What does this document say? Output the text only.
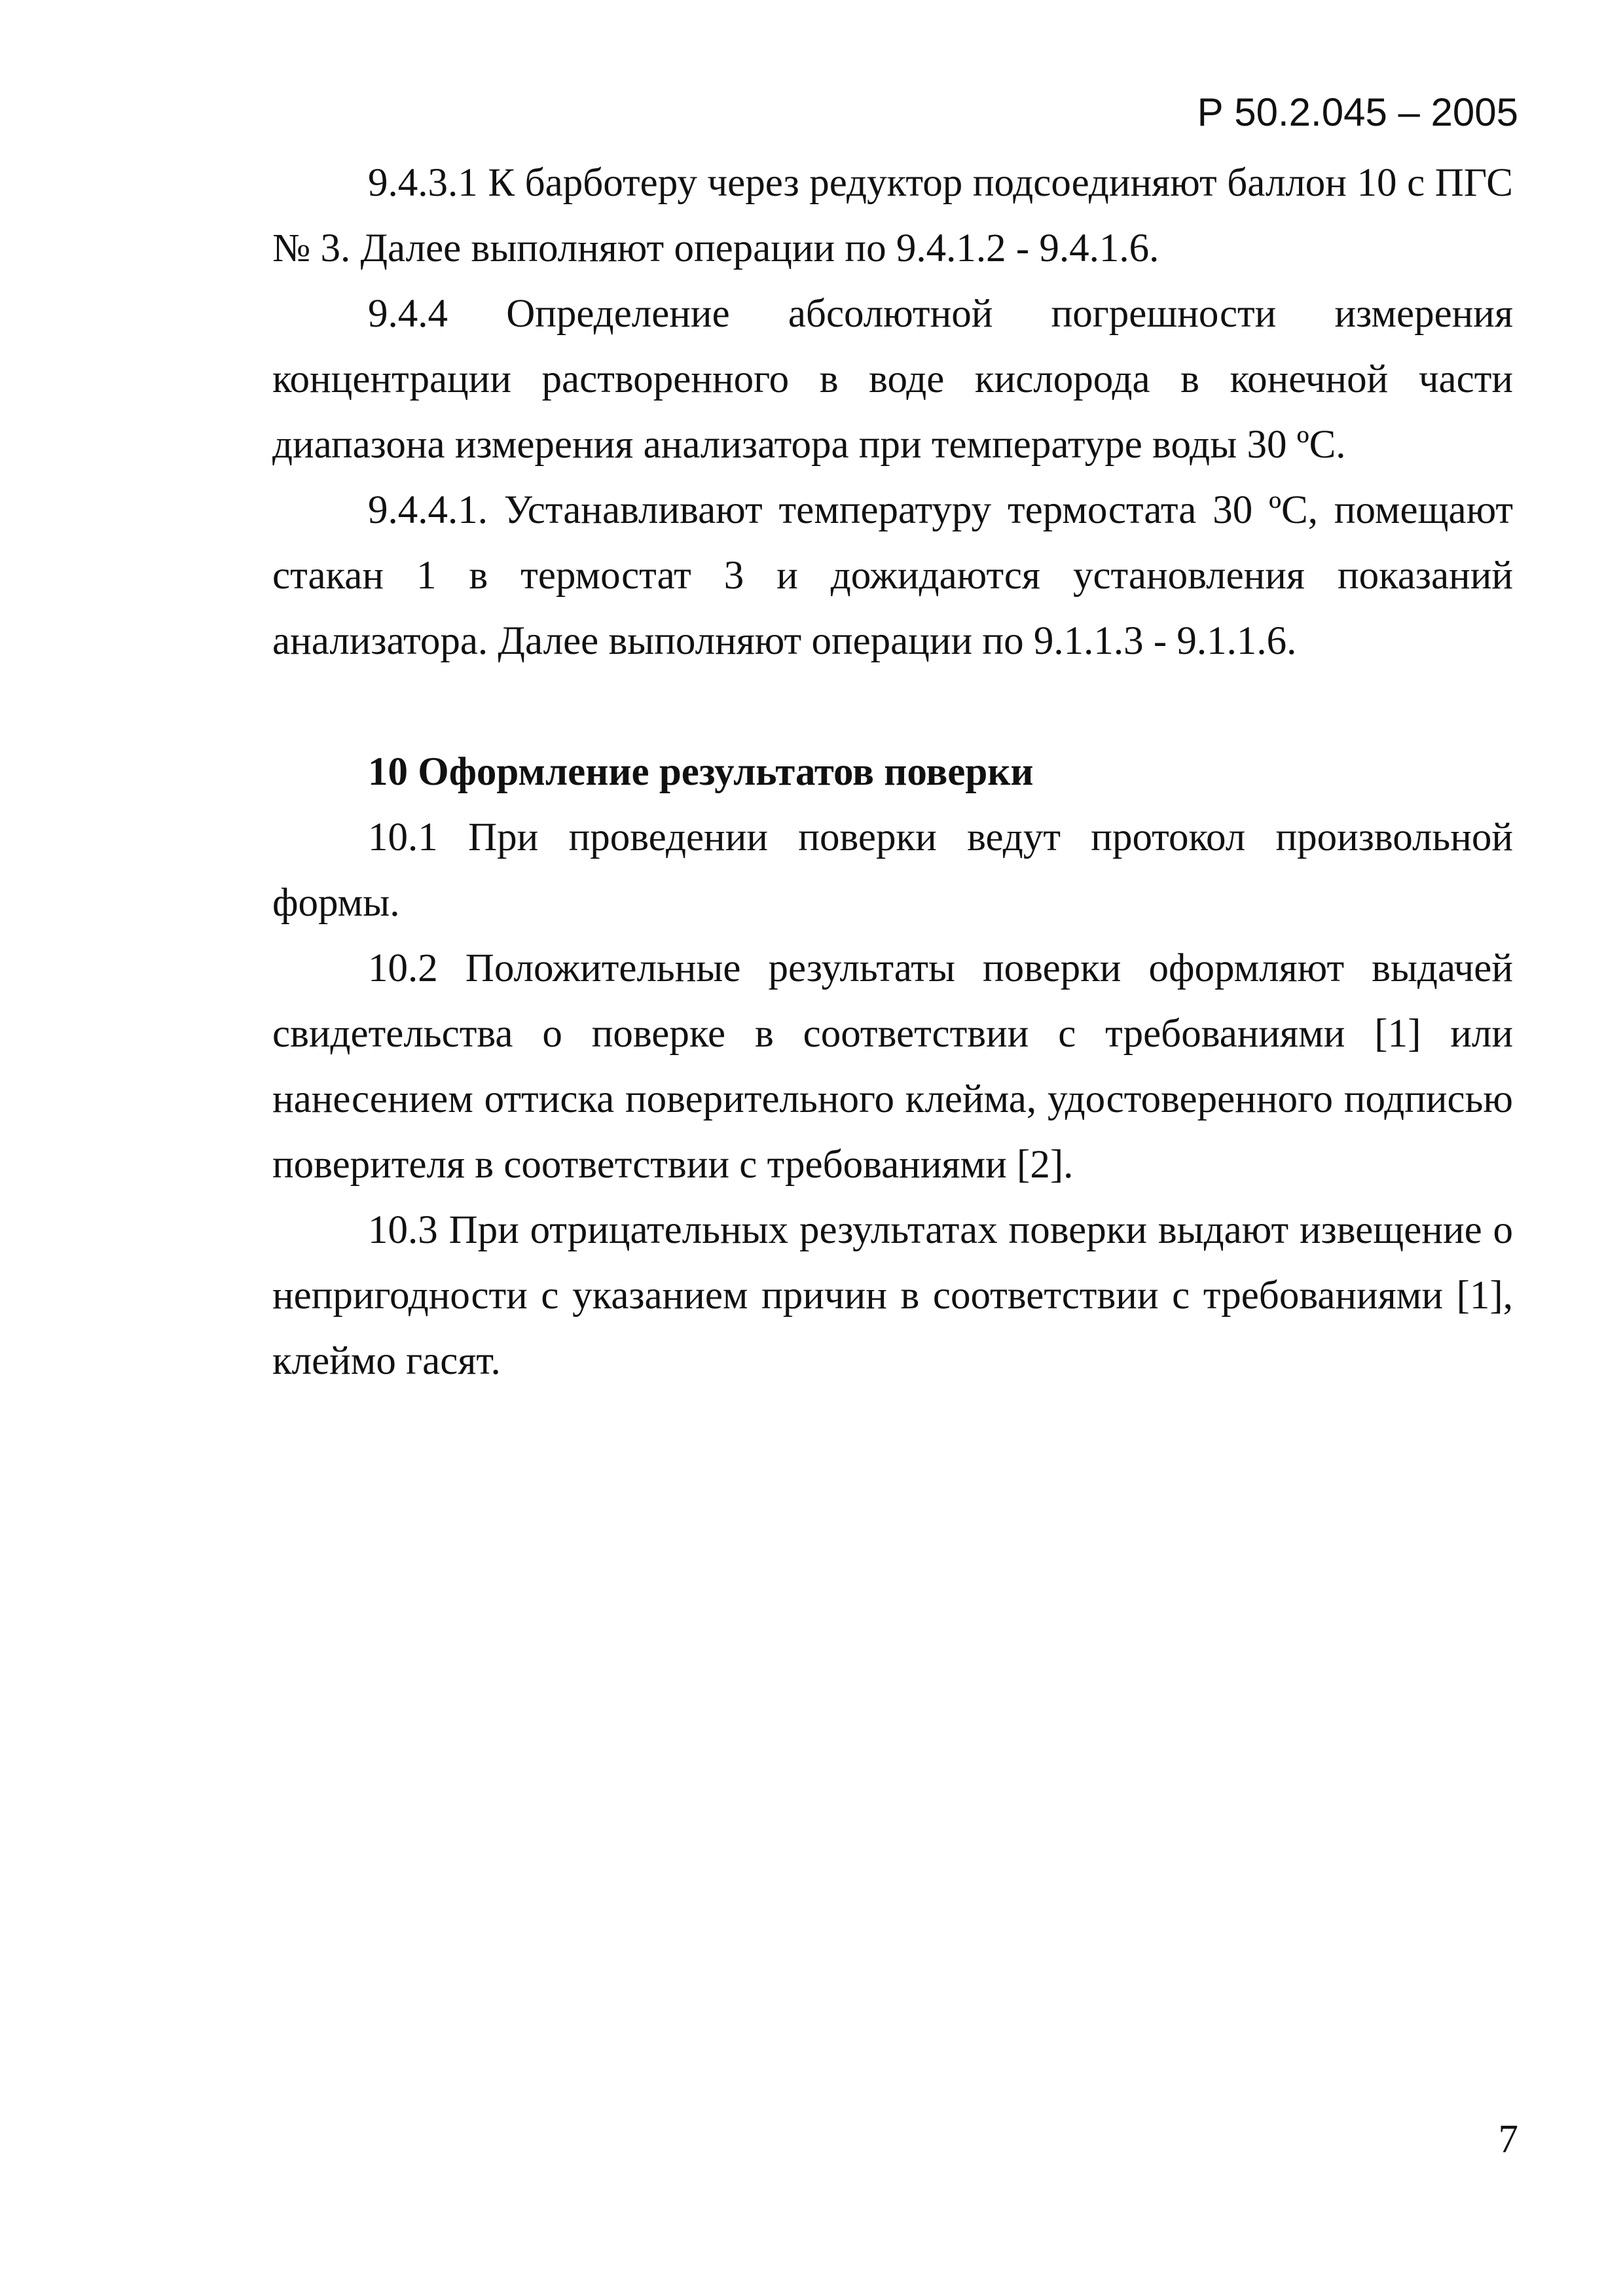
Р 50.2.045 – 2005

9.4.3.1 К барботеру через редуктор подсоединяют баллон 10 с ПГС № 3. Далее выполняют операции по 9.4.1.2 - 9.4.1.6.

9.4.4 Определение абсолютной погрешности измерения концентрации растворенного в воде кислорода в конечной части диапазона измерения анализатора при температуре воды 30 ºС.

9.4.4.1. Устанавливают температуру термостата 30 ºС, помещают стакан 1 в термостат 3 и дожидаются установления показаний анализатора. Далее выполняют операции по 9.1.1.3 - 9.1.1.6.

10 Оформление результатов поверки

10.1 При проведении поверки ведут протокол произвольной формы.

10.2 Положительные результаты поверки оформляют выдачей свидетельства о поверке в соответствии с требованиями [1] или нанесением оттиска поверительного клейма, удостоверенного подписью поверителя в соответствии с требованиями [2].

10.3 При отрицательных результатах поверки выдают извещение о непригодности с указанием причин в соответствии с требованиями [1], клеймо гасят.

7
